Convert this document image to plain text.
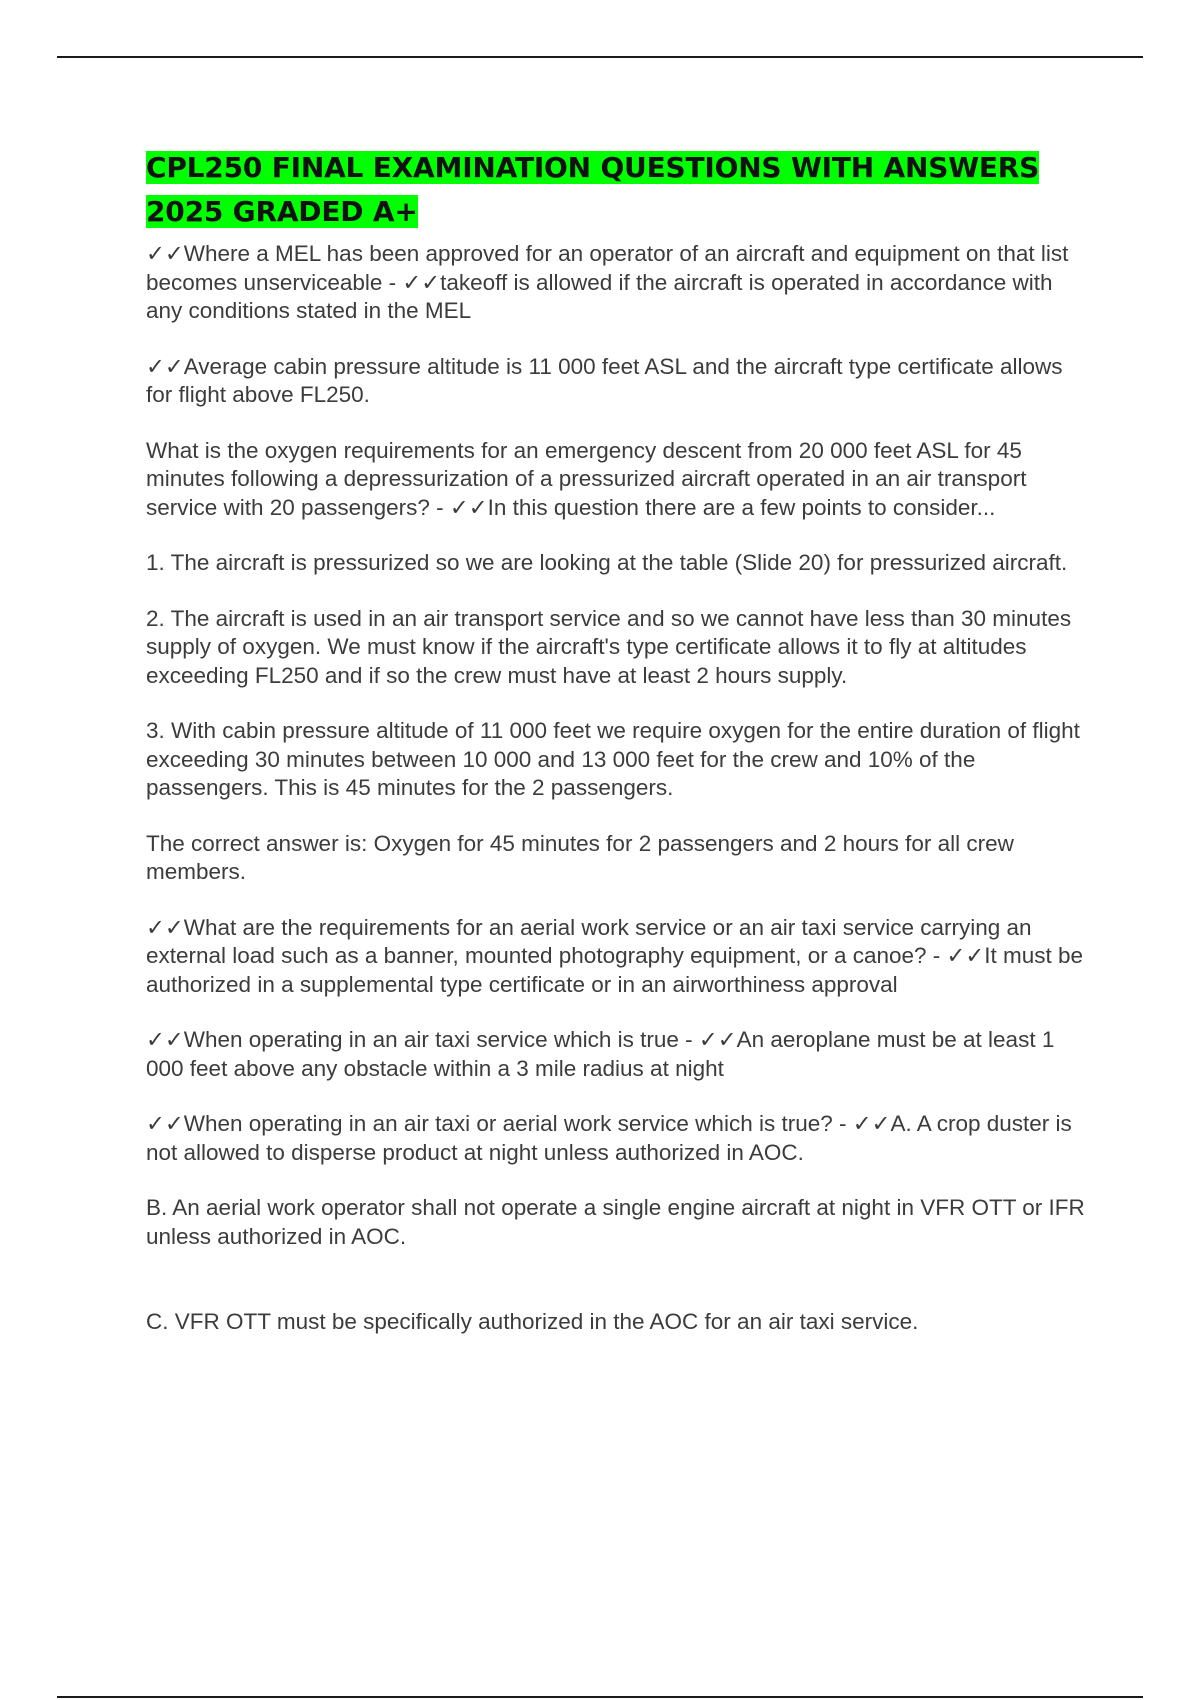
CPL250 FINAL EXAMINATION QUESTIONS WITH ANSWERS 2025 GRADED A+

✓✓Where a MEL has been approved for an operator of an aircraft and equipment on that list becomes unserviceable - ✓✓takeoff is allowed if the aircraft is operated in accordance with any conditions stated in the MEL

✓✓Average cabin pressure altitude is 11 000 feet ASL and the aircraft type certificate allows for flight above FL250.

What is the oxygen requirements for an emergency descent from 20 000 feet ASL for 45 minutes following a depressurization of a pressurized aircraft operated in an air transport service with 20 passengers? - ✓✓In this question there are a few points to consider...

1. The aircraft is pressurized so we are looking at the table (Slide 20) for pressurized aircraft.

2. The aircraft is used in an air transport service and so we cannot have less than 30 minutes supply of oxygen. We must know if the aircraft's type certificate allows it to fly at altitudes exceeding FL250 and if so the crew must have at least 2 hours supply.

3. With cabin pressure altitude of 11 000 feet we require oxygen for the entire duration of flight exceeding 30 minutes between 10 000 and 13 000 feet for the crew and 10% of the passengers. This is 45 minutes for the 2 passengers.

The correct answer is: Oxygen for 45 minutes for 2 passengers and 2 hours for all crew members.

✓✓What are the requirements for an aerial work service or an air taxi service carrying an external load such as a banner, mounted photography equipment, or a canoe? - ✓✓It must be authorized in a supplemental type certificate or in an airworthiness approval

✓✓When operating in an air taxi service which is true - ✓✓An aeroplane must be at least 1 000 feet above any obstacle within a 3 mile radius at night

✓✓When operating in an air taxi or aerial work service which is true? - ✓✓A. A crop duster is not allowed to disperse product at night unless authorized in AOC.

B. An aerial work operator shall not operate a single engine aircraft at night in VFR OTT or IFR unless authorized in AOC.

C. VFR OTT must be specifically authorized in the AOC for an air taxi service.
